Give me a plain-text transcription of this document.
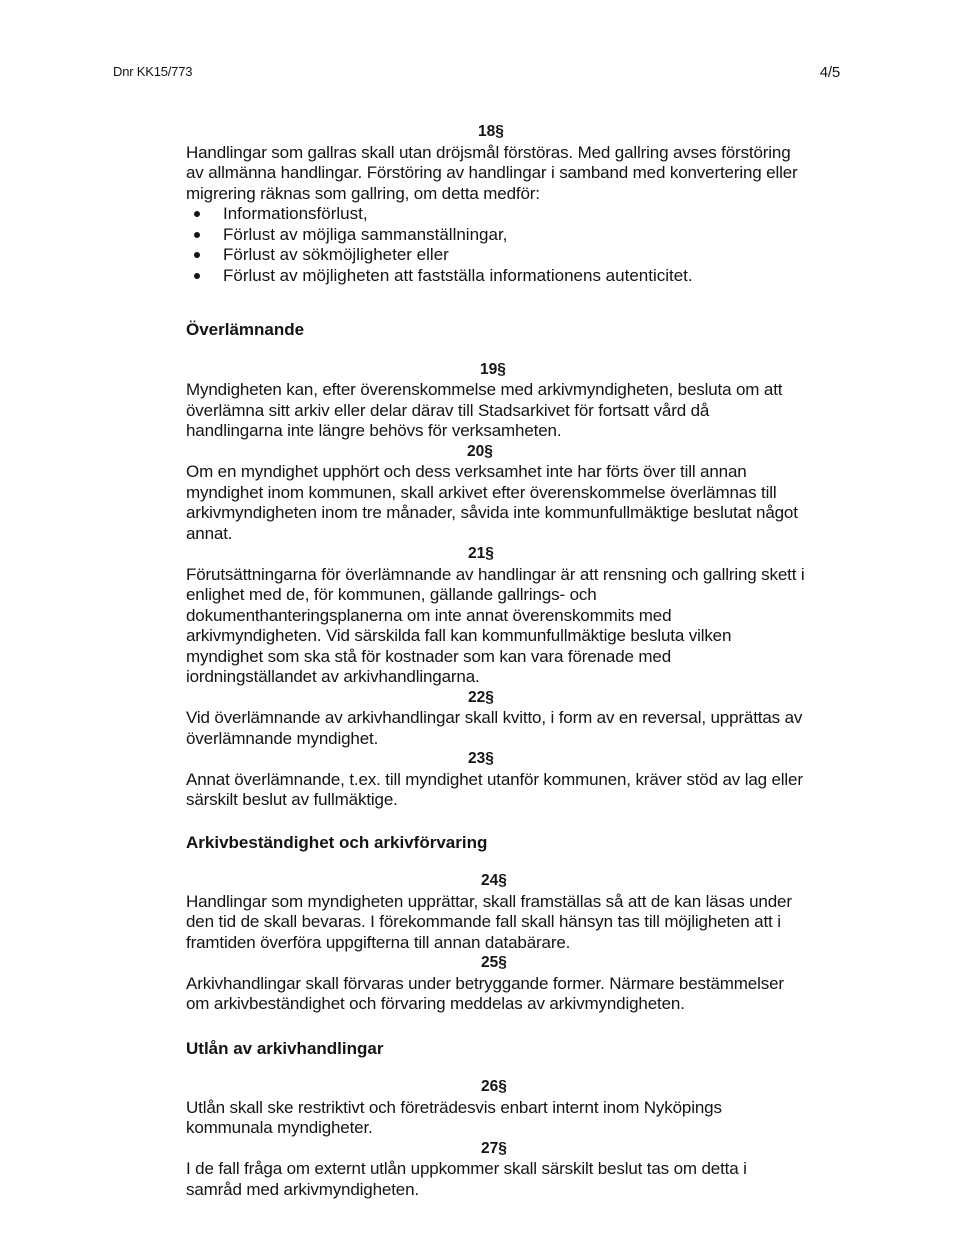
Dnr KK15/773	4/5
18§

Handlingar som gallras skall utan dröjsmål förstöras. Med gallring avses förstöring av allmänna handlingar. Förstöring av handlingar i samband med konvertering eller migrering räknas som gallring, om detta medför:

Informationsförlust,
Förlust av möjliga sammanställningar,
Förlust av sökmöjligheter eller
Förlust av möjligheten att fastställa informationens autenticitet.
Överlämnande
19§

Myndigheten kan, efter överenskommelse med arkivmyndigheten, besluta om att överlämna sitt arkiv eller delar därav till Stadsarkivet för fortsatt vård då handlingarna inte längre behövs för verksamheten.

20§

Om en myndighet upphört och dess verksamhet inte har förts över till annan myndighet inom kommunen, skall arkivet efter överenskommelse överlämnas till arkivmyndigheten inom tre månader, såvida inte kommunfullmäktige beslutat något annat.

21§

Förutsättningarna för överlämnande av handlingar är att rensning och gallring skett i enlighet med de, för kommunen, gällande gallrings- och dokumenthanteringsplanerna om inte annat överenskommits med arkivmyndigheten. Vid särskilda fall kan kommunfullmäktige besluta vilken myndighet som ska stå för kostnader som kan vara förenade med iordningställandet av arkivhandlingarna.

22§

Vid överlämnande av arkivhandlingar skall kvitto, i form av en reversal, upprättas av överlämnande myndighet.

23§

Annat överlämnande, t.ex. till myndighet utanför kommunen, kräver stöd av lag eller särskilt beslut av fullmäktige.

Arkivbeständighet och arkivförvaring
24§

Handlingar som myndigheten upprättar, skall framställas så att de kan läsas under den tid de skall bevaras. I förekommande fall skall hänsyn tas till möjligheten att i framtiden överföra uppgifterna till annan databärare.

25§

Arkivhandlingar skall förvaras under betryggande former. Närmare bestämmelser om arkivbeständighet och förvaring meddelas av arkivmyndigheten.

Utlån av arkivhandlingar
26§

Utlån skall ske restriktivt och företrädesvis enbart internt inom Nyköpings kommunala myndigheter.

27§

I de fall fråga om externt utlån uppkommer skall särskilt beslut tas om detta i samråd med arkivmyndigheten.
